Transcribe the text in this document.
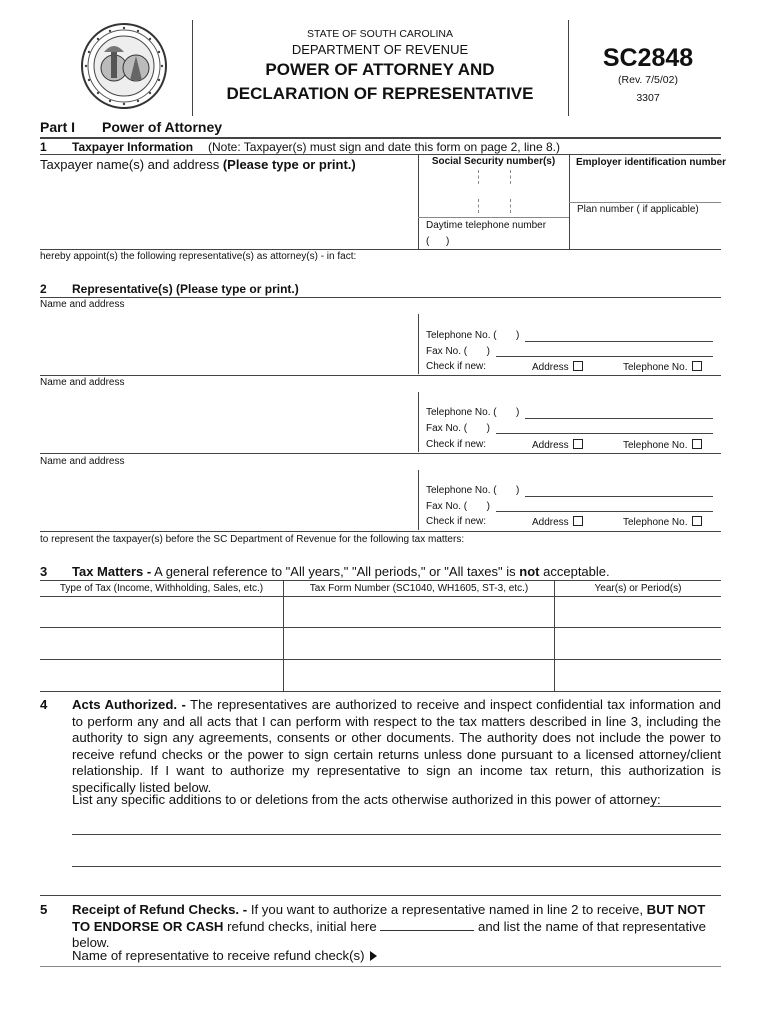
STATE OF SOUTH CAROLINA
DEPARTMENT OF REVENUE
POWER OF ATTORNEY AND
DECLARATION OF REPRESENTATIVE
SC2848
(Rev. 7/5/02)
3307
Part I Power of Attorney
1 Taxpayer Information (Note: Taxpayer(s) must sign and date this form on page 2, line 8.)
Taxpayer name(s) and address (Please type or print.)	Social Security number(s)	Employer identification number
Plan number ( if applicable)
Daytime telephone number
(      )
hereby appoint(s) the following representative(s) as attorney(s) - in fact:
2 Representative(s) (Please type or print.)
Name and address
Telephone No. (       )
Fax No. (       )
Check if new:	Address	Telephone No.
Name and address
Telephone No. (       )
Fax No. (       )
Check if new:	Address	Telephone No.
Name and address
Telephone No. (       )
Fax No. (       )
Check if new:	Address	Telephone No.
to represent the taxpayer(s) before the SC Department of Revenue for the following tax matters:
3 Tax Matters - A general reference to "All years," "All periods," or "All taxes" is not acceptable.
Type of Tax (Income, Withholding, Sales, etc.)	Tax Form Number (SC1040, WH1605, ST-3, etc.)	Year(s) or Period(s)
4 Acts Authorized. - The representatives are authorized to receive and inspect confidential tax information and to perform any and all acts that I can perform with respect to the tax matters described in line 3, including the authority to sign any agreements, consents or other documents. The authority does not include the power to receive refund checks or the power to sign certain returns unless done pursuant to a licensed attorney/client relationship. If I want to authorize my representative to sign an income tax return, this authorization is specifically listed below.

List any specific additions to or deletions from the acts otherwise authorized in this power of attorney:
5 Receipt of Refund Checks. - If you want to authorize a representative named in line 2 to receive, BUT NOT TO ENDORSE OR CASH refund checks, initial here	and list the name of that representative below.

Name of representative to receive refund check(s)
